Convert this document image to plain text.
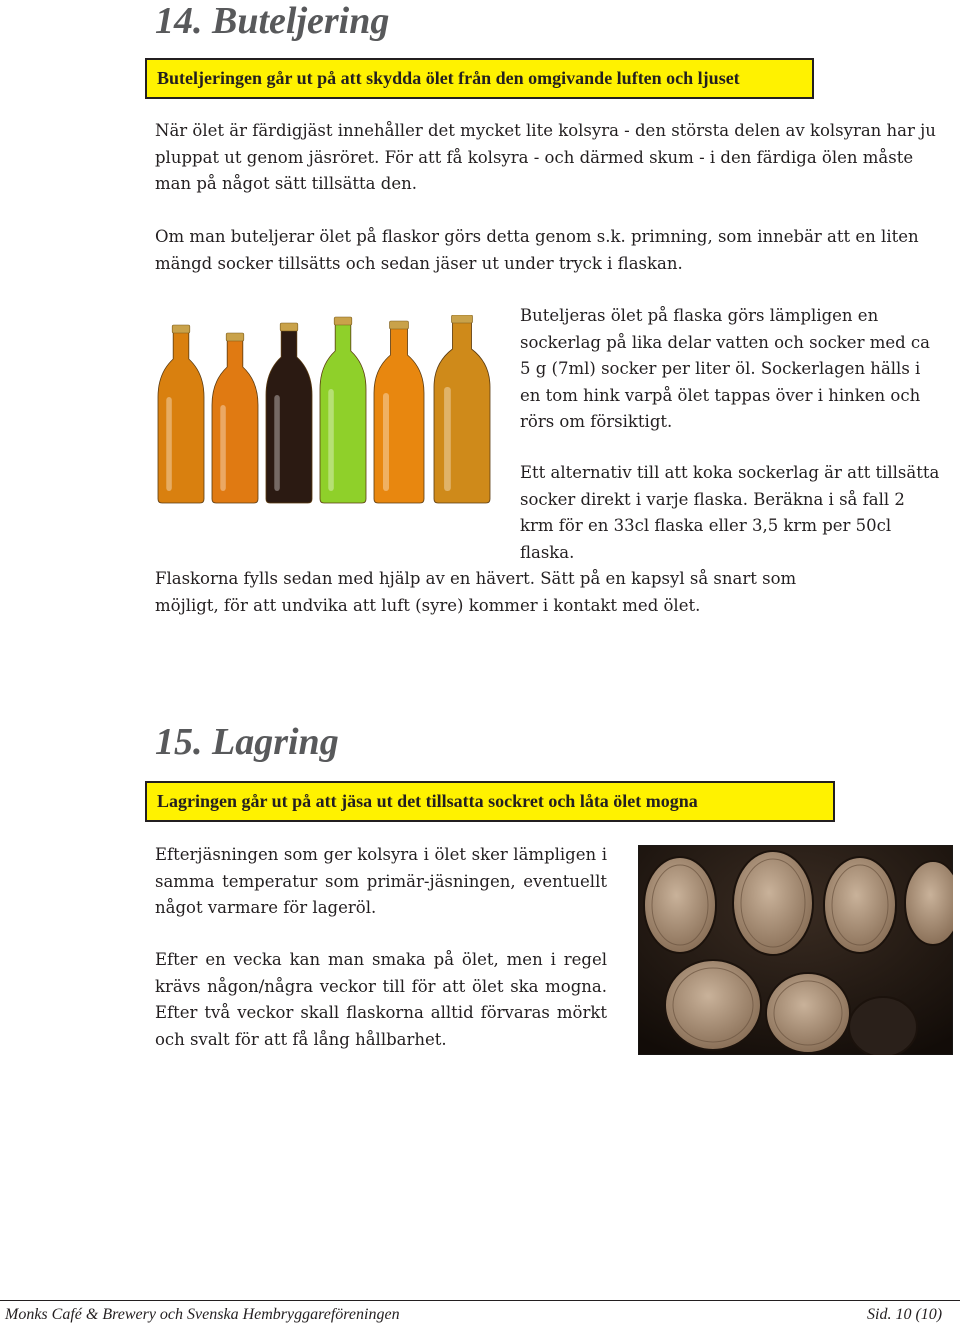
14. Buteljering
Buteljeringen går ut på att skydda ölet från den omgivande luften och ljuset

När ölet är färdigjäst innehåller det mycket lite kolsyra - den största delen av kolsyran har ju pluppat ut genom jäsröret. För att få kolsyra - och därmed skum - i den färdiga ölen måste man på något sätt tillsätta den.

Om man buteljerar ölet på flaskor görs detta genom s.k. primning, som innebär att en liten mängd socker tillsätts och sedan jäser ut under tryck i flaskan.

Buteljeras ölet på flaska görs lämpligen en sockerlag på lika delar vatten och socker med ca 5 g (7ml) socker per liter öl. Sockerlagen hälls i en tom hink varpå ölet tappas över i hinken och rörs om försiktigt.

Ett alternativ till att koka sockerlag är att tillsätta socker direkt i varje flaska. Beräkna i så fall 2 krm för en 33cl flaska eller 3,5 krm per 50cl flaska.

Flaskorna fylls sedan med hjälp av en hävert. Sätt på en kapsyl så snart som möjligt, för att undvika att luft (syre) kommer i kontakt med ölet.

15. Lagring
Lagringen går ut på att jäsa ut det tillsatta sockret och låta ölet mogna

Efterjäsningen som ger kolsyra i ölet sker lämpligen i samma temperatur som primär-jäsningen, eventuellt något varmare för lageröl.

Efter en vecka kan man smaka på ölet, men i regel krävs någon/några veckor till för att ölet ska mogna. Efter två veckor skall flaskorna alltid förvaras mörkt och svalt för att få lång hållbarhet.

Monks Café & Brewery och Svenska Hembryggareföreningen	Sid. 10 (10)
